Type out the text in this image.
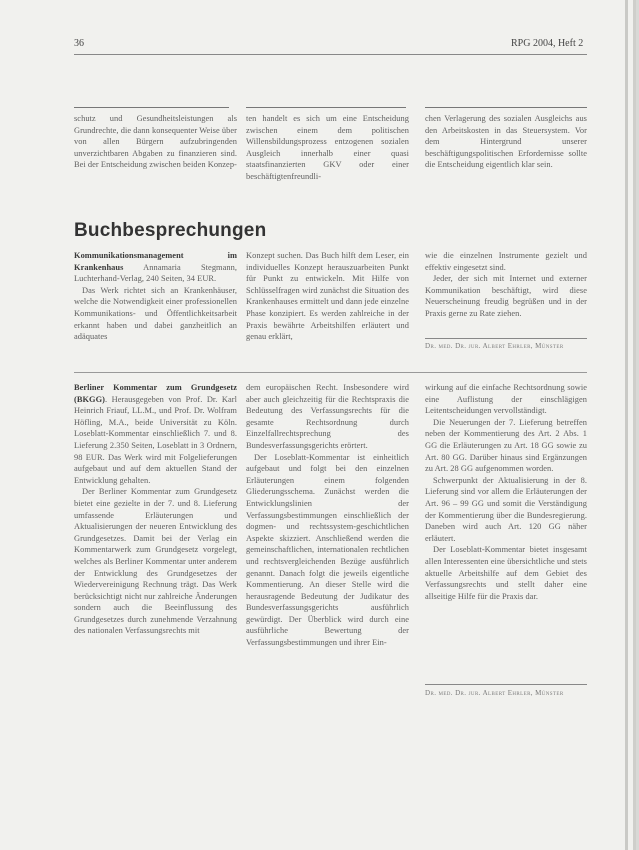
36	RPG 2004, Heft 2

schutz und Gesundheitsleistungen als Grundrechte, die dann konsequenter Weise über von allen Bürgern aufzubringenden unverzichtbaren Abgaben zu finanzieren sind. Bei der Entscheidung zwischen beiden Konzep-

ten handelt es sich um eine Entscheidung zwischen einem dem politischen Willensbildungsprozess entzogenen sozialen Ausgleich innerhalb einer quasi staatsfinanzierten GKV oder einer beschäftigtenfreundli-

chen Verlagerung des sozialen Ausgleichs aus den Arbeitskosten in das Steuersystem. Vor dem Hintergrund unserer beschäftigungspolitischen Erfordernisse sollte die Entscheidung eigentlich klar sein.

Buchbesprechungen

Kommunikationsmanagement im Krankenhaus Annamaria Stegmann, Luchterhand-Verlag, 240 Seiten, 34 EUR.

Das Werk richtet sich an Krankenhäuser, welche die Notwendigkeit einer professionellen Kommunikations- und Öffentlichkeitsarbeit erkannt haben und dabei ganzheitlich an adäquates

Konzept suchen. Das Buch hilft dem Leser, ein individuelles Konzept herauszuarbeiten Punkt für Punkt zu entwickeln. Mit Hilfe von Schlüsselfragen wird zunächst die Situation des Krankenhauses ermittelt und dann jede einzelne Phase konzipiert. Es werden zahlreiche in der Praxis bewährte Arbeitshilfen erläutert und genau erklärt,

wie die einzelnen Instrumente gezielt und effektiv eingesetzt sind.

Jeder, der sich mit Internet und externer Kommunikation beschäftigt, wird diese Neuerscheinung freudig begrüßen und in der Praxis gerne zu Rate ziehen.

Dr. med. Dr. jur. Albert Ehrler, Münster

Berliner Kommentar zum Grundgesetz (BKGG). Herausgegeben von Prof. Dr. Karl Heinrich Friauf, LL.M., und Prof. Dr. Wolfram Höfling, M.A., beide Universität zu Köln. Loseblatt-Kommentar einschließlich 7. und 8. Lieferung 2.350 Seiten, Loseblatt in 3 Ordnern, 98 EUR. Das Werk wird mit Folgelieferungen aufgebaut und auf dem aktuellen Stand der Entwicklung gehalten.

Der Berliner Kommentar zum Grundgesetz bietet eine gezielte in der 7. und 8. Lieferung umfassende Erläuterungen und Aktualisierungen der neueren Entwicklung des Grundgesetzes. Damit bei der Verlag ein Kommentarwerk zum Grundgesetz vorgelegt, welches als Berliner Kommentar unter anderem der Entwicklung des Grundgesetzes der Wiedervereinigung Rechnung trägt. Das Werk berücksichtigt nicht nur zahlreiche Änderungen sondern auch die Beeinflussung des Grundgesetzes durch zunehmende Verzahnung des nationalen Verfassungsrechts mit

dem europäischen Recht. Insbesondere wird aber auch gleichzeitig für die Rechtspraxis die Bedeutung des Verfassungsrechts für die gesamte Rechtsordnung durch Einzelfallrechtsprechung des Bundesverfassungsgerichts erörtert.

Der Loseblatt-Kommentar ist einheitlich aufgebaut und folgt bei den einzelnen Erläuterungen einem folgenden Gliederungsschema. Zunächst werden die Entwicklungslinien der Verfassungsbestimmungen einschließlich der dogmen- und rechtssystem-geschichtlichen Aspekte skizziert. Anschließend werden die gemeinschaftlichen, internationalen rechtlichen und rechtsvergleichenden Bezüge ausführlich genannt. Danach folgt die jeweils eigentliche Kommentierung. An dieser Stelle wird die herausragende Bedeutung der Judikatur des Bundesverfassungsgerichts ausführlich gewürdigt. Der Überblick wird durch eine ausführliche Bewertung der Verfassungsbestimmungen und ihrer Ein-

wirkung auf die einfache Rechtsordnung sowie eine Auflistung der einschlägigen Leitentscheidungen vervollständigt.

Die Neuerungen der 7. Lieferung betreffen neben der Kommentierung des Art. 2 Abs. 1 GG die Erläuterungen zu Art. 18 GG sowie zu Art. 80 GG. Darüber hinaus sind Ergänzungen zu Art. 28 GG aufgenommen worden.

Schwerpunkt der Aktualisierung in der 8. Lieferung sind vor allem die Erläuterungen der Art. 96 – 99 GG und somit die Verständigung der Kommentierung über die Bundesregierung. Daneben wird auch Art. 120 GG näher erläutert.

Der Loseblatt-Kommentar bietet insgesamt allen Interessenten eine übersichtliche und stets aktuelle Arbeitshilfe auf dem Gebiet des Verfassungsrechts und stellt daher eine allseitige Hilfe für die Praxis dar.

Dr. med. Dr. jur. Albert Ehrler, Münster
